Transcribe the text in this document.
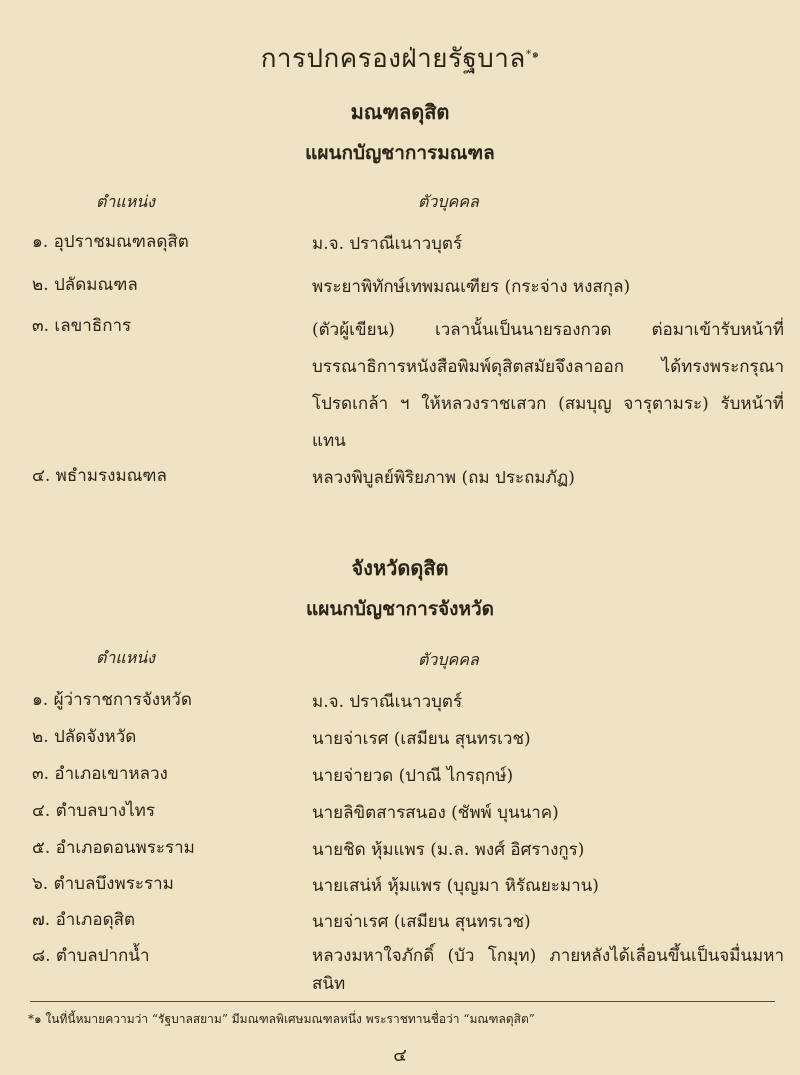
การปกครองฝ่ายรัฐบาล$^{*๑}$
มณฑลดุสิต
แผนกบัญชาการมณฑล
ตำแหน่ง	ตัวบุคคล
๑. อุปราชมณฑลดุสิต	ม.จ. ปราณีเนาวบุตร์
๒. ปลัดมณฑล	พระยาพิทักษ์เทพมณเฑียร (กระจ่าง หงสกุล)
๓. เลขาธิการ	(ตัวผู้เขียน) เวลานั้นเป็นนายรองกวด ต่อมาเข้ารับหน้าที่บรรณาธิการหนังสือพิมพ์ดุสิตสมัยจึงลาออก ได้ทรงพระกรุณาโปรดเกล้า ฯ ให้หลวงราชเสวก (สมบุญ จารุตามระ) รับหน้าที่แทน
๔. พธำมรงมณฑล	หลวงพิบูลย์พิริยภาพ (ถม ประถมภัฏ)
จังหวัดดุสิต
แผนกบัญชาการจังหวัด
ตำแหน่ง	ตัวบุคคล
๑. ผู้ว่าราชการจังหวัด	ม.จ. ปราณีเนาวบุตร์
๒. ปลัดจังหวัด	นายจ่าเรศ (เสมียน สุนทรเวช)
๓. อำเภอเขาหลวง	นายจ่ายวด (ปาณี ไกรฤกษ์)
๔. ตำบลบางไทร	นายลิขิตสารสนอง (ชัพพ์ บุนนาค)
๕. อำเภอดอนพระราม	นายชิด หุ้มแพร (ม.ล. พงศ์ อิศรางกูร)
๖. ตำบลบึงพระราม	นายเสน่ห์ หุ้มแพร (บุญมา หิรัณยะมาน)
๗. อำเภอดุสิต	นายจ่าเรศ (เสมียน สุนทรเวช)
๘. ตำบลปากน้ำ	หลวงมหาใจภักดิ์ (บัว โกมุท) ภายหลังได้เลื่อนขึ้นเป็นจมื่นมหาสนิท
*๑ ในที่นี้หมายความว่า “รัฐบาลสยาม” มีมณฑลพิเศษมณฑลหนึ่ง พระราชทานชื่อว่า “มณฑลดุสิต”
๔
